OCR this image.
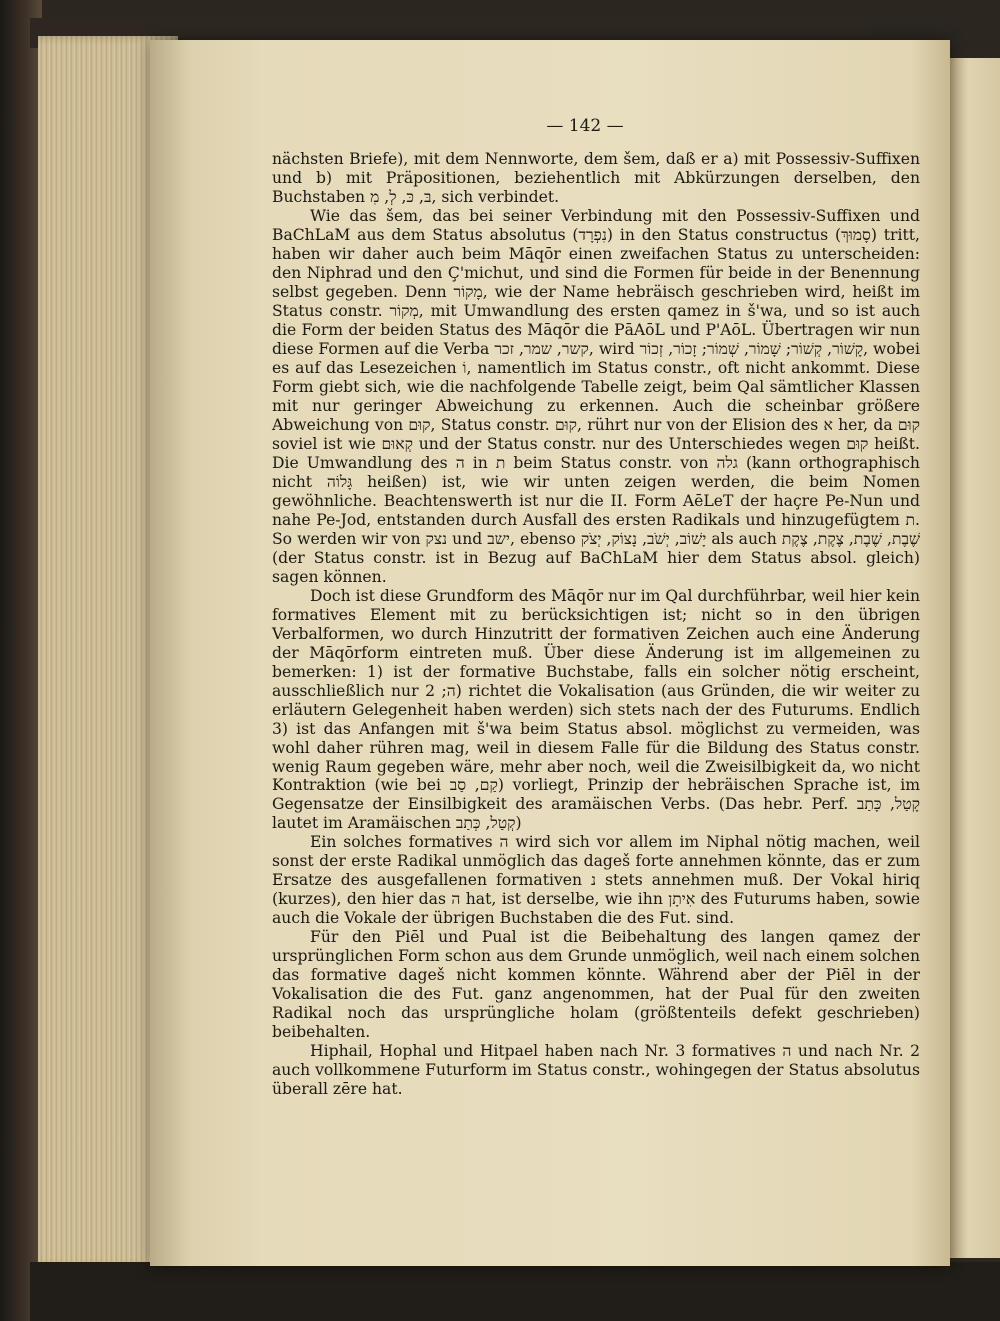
— 142 —

nächsten Briefe), mit dem Nennworte, dem šem, daß er a) mit Possessiv-Suffixen und b) mit Präpositionen, beziehentlich mit Abkürzungen derselben, den Buchstaben בּ, כּ, לְ, מִ, sich verbindet.

Wie das šem, das bei seiner Verbindung mit den Possessiv-Suffixen und BaChLaM aus dem Status absolutus (נִפְרָד) in den Status constructus (סָמוּךְ) tritt, haben wir daher auch beim Māqōr einen zweifachen Status zu unterscheiden: den Niphrad und den Ç'michut, und sind die Formen für beide in der Benennung selbst gegeben. Denn מָקוֹר, wie der Name hebräisch geschrieben wird, heißt im Status constr. מְקוֹר, mit Umwandlung des ersten qamez in š'wa, und so ist auch die Form der beiden Status des Māqōr die PāAōL und P'AōL. Übertragen wir nun diese Formen auf die Verba קשר, שמר, זכר, wird קָשׁוֹר, קְשׁוֹר; שָׁמוֹר, שְׁמוֹר; זָכוֹר, זְכוֹר, wobei es auf das Lesezeichen וֹ, namentlich im Status constr., oft nicht ankommt. Diese Form giebt sich, wie die nachfolgende Tabelle zeigt, beim Qal sämtlicher Klassen mit nur geringer Abweichung zu erkennen. Auch die scheinbar größere Abweichung von קוּם, Status constr. קוּם, rührt nur von der Elision des א her, da קוּם soviel ist wie קְאוּם und der Status constr. nur des Unterschiedes wegen קוּם heißt. Die Umwandlung des ה in ת beim Status constr. von גלה (kann orthographisch nicht גָּלוֹה heißen) ist, wie wir unten zeigen werden, die beim Nomen gewöhnliche. Beachtenswerth ist nur die II. Form AēLeT der haçre Pe-Nun und nahe Pe-Jod, entstanden durch Ausfall des ersten Radikals und hinzugefügtem ת. So werden wir von נצק und ישב, ebenso יָשׁוֹב, יְשֹׁב, נָצוֹק, יְצֹק als auch שֶׁבֶת, שֶׁבֶת, צֶקֶת, צֶקֶת (der Status constr. ist in Bezug auf BaChLaM hier dem Status absol. gleich) sagen können.

Doch ist diese Grundform des Māqōr nur im Qal durchführbar, weil hier kein formatives Element mit zu berücksichtigen ist; nicht so in den übrigen Verbalformen, wo durch Hinzutritt der formativen Zeichen auch eine Änderung der Māqōrform eintreten muß. Über diese Änderung ist im allgemeinen zu bemerken: 1) ist der formative Buchstabe, falls ein solcher nötig erscheint, ausschließlich nur ה; 2) richtet die Vokalisation (aus Gründen, die wir weiter zu erläutern Gelegenheit haben werden) sich stets nach der des Futurums. Endlich 3) ist das Anfangen mit š'wa beim Status absol. möglichst zu vermeiden, was wohl daher rühren mag, weil in diesem Falle für die Bildung des Status constr. wenig Raum gegeben wäre, mehr aber noch, weil die Zweisilbigkeit da, wo nicht Kontraktion (wie bei קַם, סַב) vorliegt, Prinzip der hebräischen Sprache ist, im Gegensatze der Einsilbigkeit des aramäischen Verbs. (Das hebr. Perf. קָטַל, כָּתַב lautet im Aramäischen קְטַל, כְּתַב)

Ein solches formatives ה wird sich vor allem im Niphal nötig machen, weil sonst der erste Radikal unmöglich das dageš forte annehmen könnte, das er zum Ersatze des ausgefallenen formativen נ stets annehmen muß. Der Vokal hiriq (kurzes), den hier das ה hat, ist derselbe, wie ihn אִיתָן des Futurums haben, sowie auch die Vokale der übrigen Buchstaben die des Fut. sind.

Für den Piēl und Pual ist die Beibehaltung des langen qamez der ursprünglichen Form schon aus dem Grunde unmöglich, weil nach einem solchen das formative dageš nicht kommen könnte. Während aber der Piēl in der Vokalisation die des Fut. ganz angenommen, hat der Pual für den zweiten Radikal noch das ursprüngliche holam (größtenteils defekt geschrieben) beibehalten.

Hiphail, Hophal und Hitpael haben nach Nr. 3 formatives ה und nach Nr. 2 auch vollkommene Futurform im Status constr., wohingegen der Status absolutus überall zēre hat.
